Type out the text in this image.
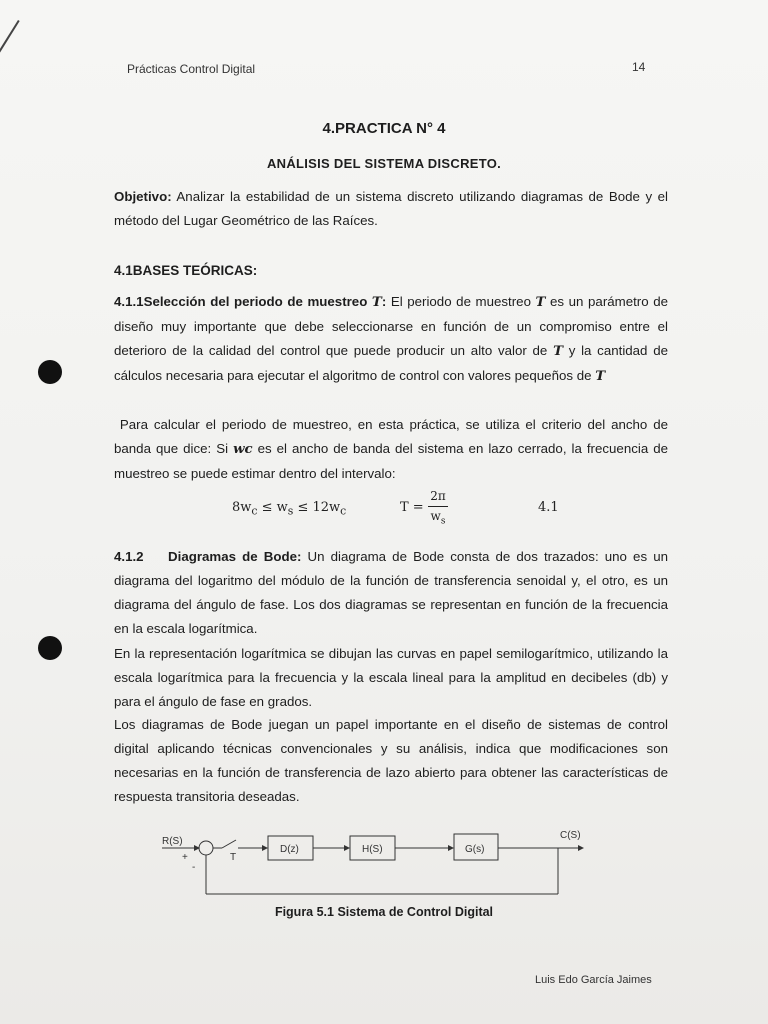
Prácticas Control Digital	14
4.PRACTICA N° 4
ANÁLISIS DEL SISTEMA DISCRETO.
Objetivo: Analizar la estabilidad de un sistema discreto utilizando diagramas de Bode y el método del Lugar Geométrico de las Raíces.
4.1BASES TEÓRICAS:
4.1.1Selección del periodo de muestreo T: El periodo de muestreo T es un parámetro de diseño muy importante que debe seleccionarse en función de un compromiso entre el deterioro de la calidad del control que puede producir un alto valor de T y la cantidad de cálculos necesaria para ejecutar el algoritmo de control con valores pequeños de T
Para calcular el periodo de muestreo, en esta práctica, se utiliza el criterio del ancho de banda que dice: Si wc es el ancho de banda del sistema en lazo cerrado, la frecuencia de muestreo se puede estimar dentro del intervalo:
$8w_c \le w_s \le 12w_c$	T =
2π
$w_s$
4.1
4.1.2 Diagramas de Bode: Un diagrama de Bode consta de dos trazados: uno es un diagrama del logaritmo del módulo de la función de transferencia senoidal y, el otro, es un diagrama del ángulo de fase. Los dos diagramas se representan en función de la frecuencia en la escala logarítmica.
En la representación logarítmica se dibujan las curvas en papel semilogarítmico, utilizando la escala logarítmica para la frecuencia y la escala lineal para la amplitud en decibeles (db) y para el ángulo de fase en grados.
Los diagramas de Bode juegan un papel importante en el diseño de sistemas de control digital aplicando técnicas convencionales y su análisis, indica que modificaciones son necesarias en la función de transferencia de lazo abierto para obtener las características de respuesta transitoria deseadas.
R(S)
+
-
T
D(z)	H(S)	G(s)
C(S)
Figura 5.1 Sistema de Control Digital
Luis Edo García Jaimes
